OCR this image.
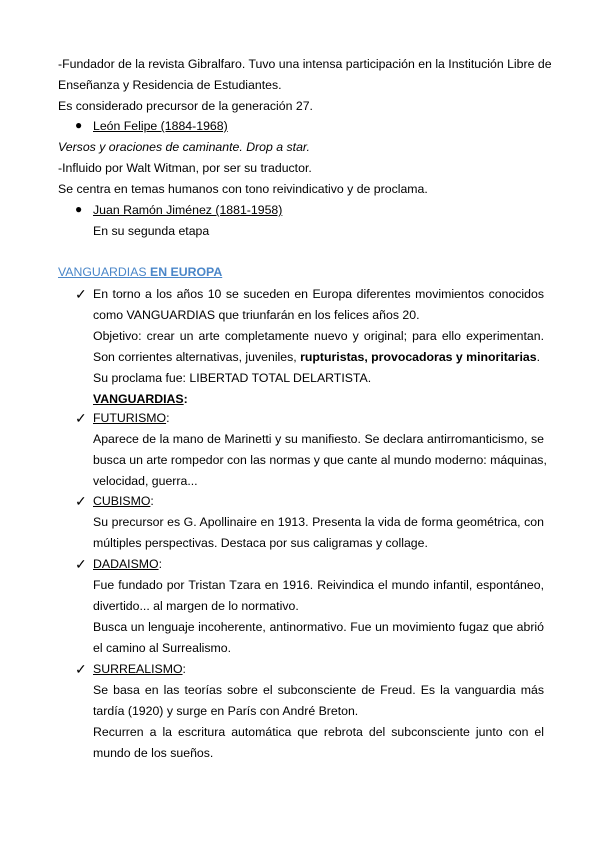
-Fundador de la revista Gibralfaro. Tuvo una intensa participación en la Institución Libre de
Enseñanza y Residencia de Estudiantes.
Es considerado precursor de la generación 27.
● León Felipe (1884-1968)
Versos y oraciones de caminante. Drop a star.
-Influido por Walt Witman, por ser su traductor.
Se centra en temas humanos con tono reivindicativo y de proclama.
● Juan Ramón Jiménez (1881-1958)
En su segunda etapa
VANGUARDIAS EN EUROPA
✓ En torno a los años 10 se suceden en Europa diferentes movimientos conocidos
como VANGUARDIAS que triunfarán en los felices años 20.
Objetivo: crear un arte completamente nuevo y original; para ello experimentan.
Son corrientes alternativas, juveniles, rupturistas, provocadoras y minoritarias.
Su proclama fue: LIBERTAD TOTAL DELARTISTA.
VANGUARDIAS:
✓ FUTURISMO:
Aparece de la mano de Marinetti y su manifiesto. Se declara antirromanticismo, se
busca un arte rompedor con las normas y que cante al mundo moderno: máquinas,
velocidad, guerra...
✓ CUBISMO:
Su precursor es G. Apollinaire en 1913. Presenta la vida de forma geométrica, con
múltiples perspectivas. Destaca por sus caligramas y collage.
✓ DADAISMO:
Fue fundado por Tristan Tzara en 1916. Reivindica el mundo infantil, espontáneo,
divertido... al margen de lo normativo.
Busca un lenguaje incoherente, antinormativo. Fue un movimiento fugaz que abrió
el camino al Surrealismo.
✓ SURREALISMO:
Se basa en las teorías sobre el subconsciente de Freud. Es la vanguardia más
tardía (1920) y surge en París con André Breton.
Recurren a la escritura automática que rebrota del subconsciente junto con el
mundo de los sueños.
